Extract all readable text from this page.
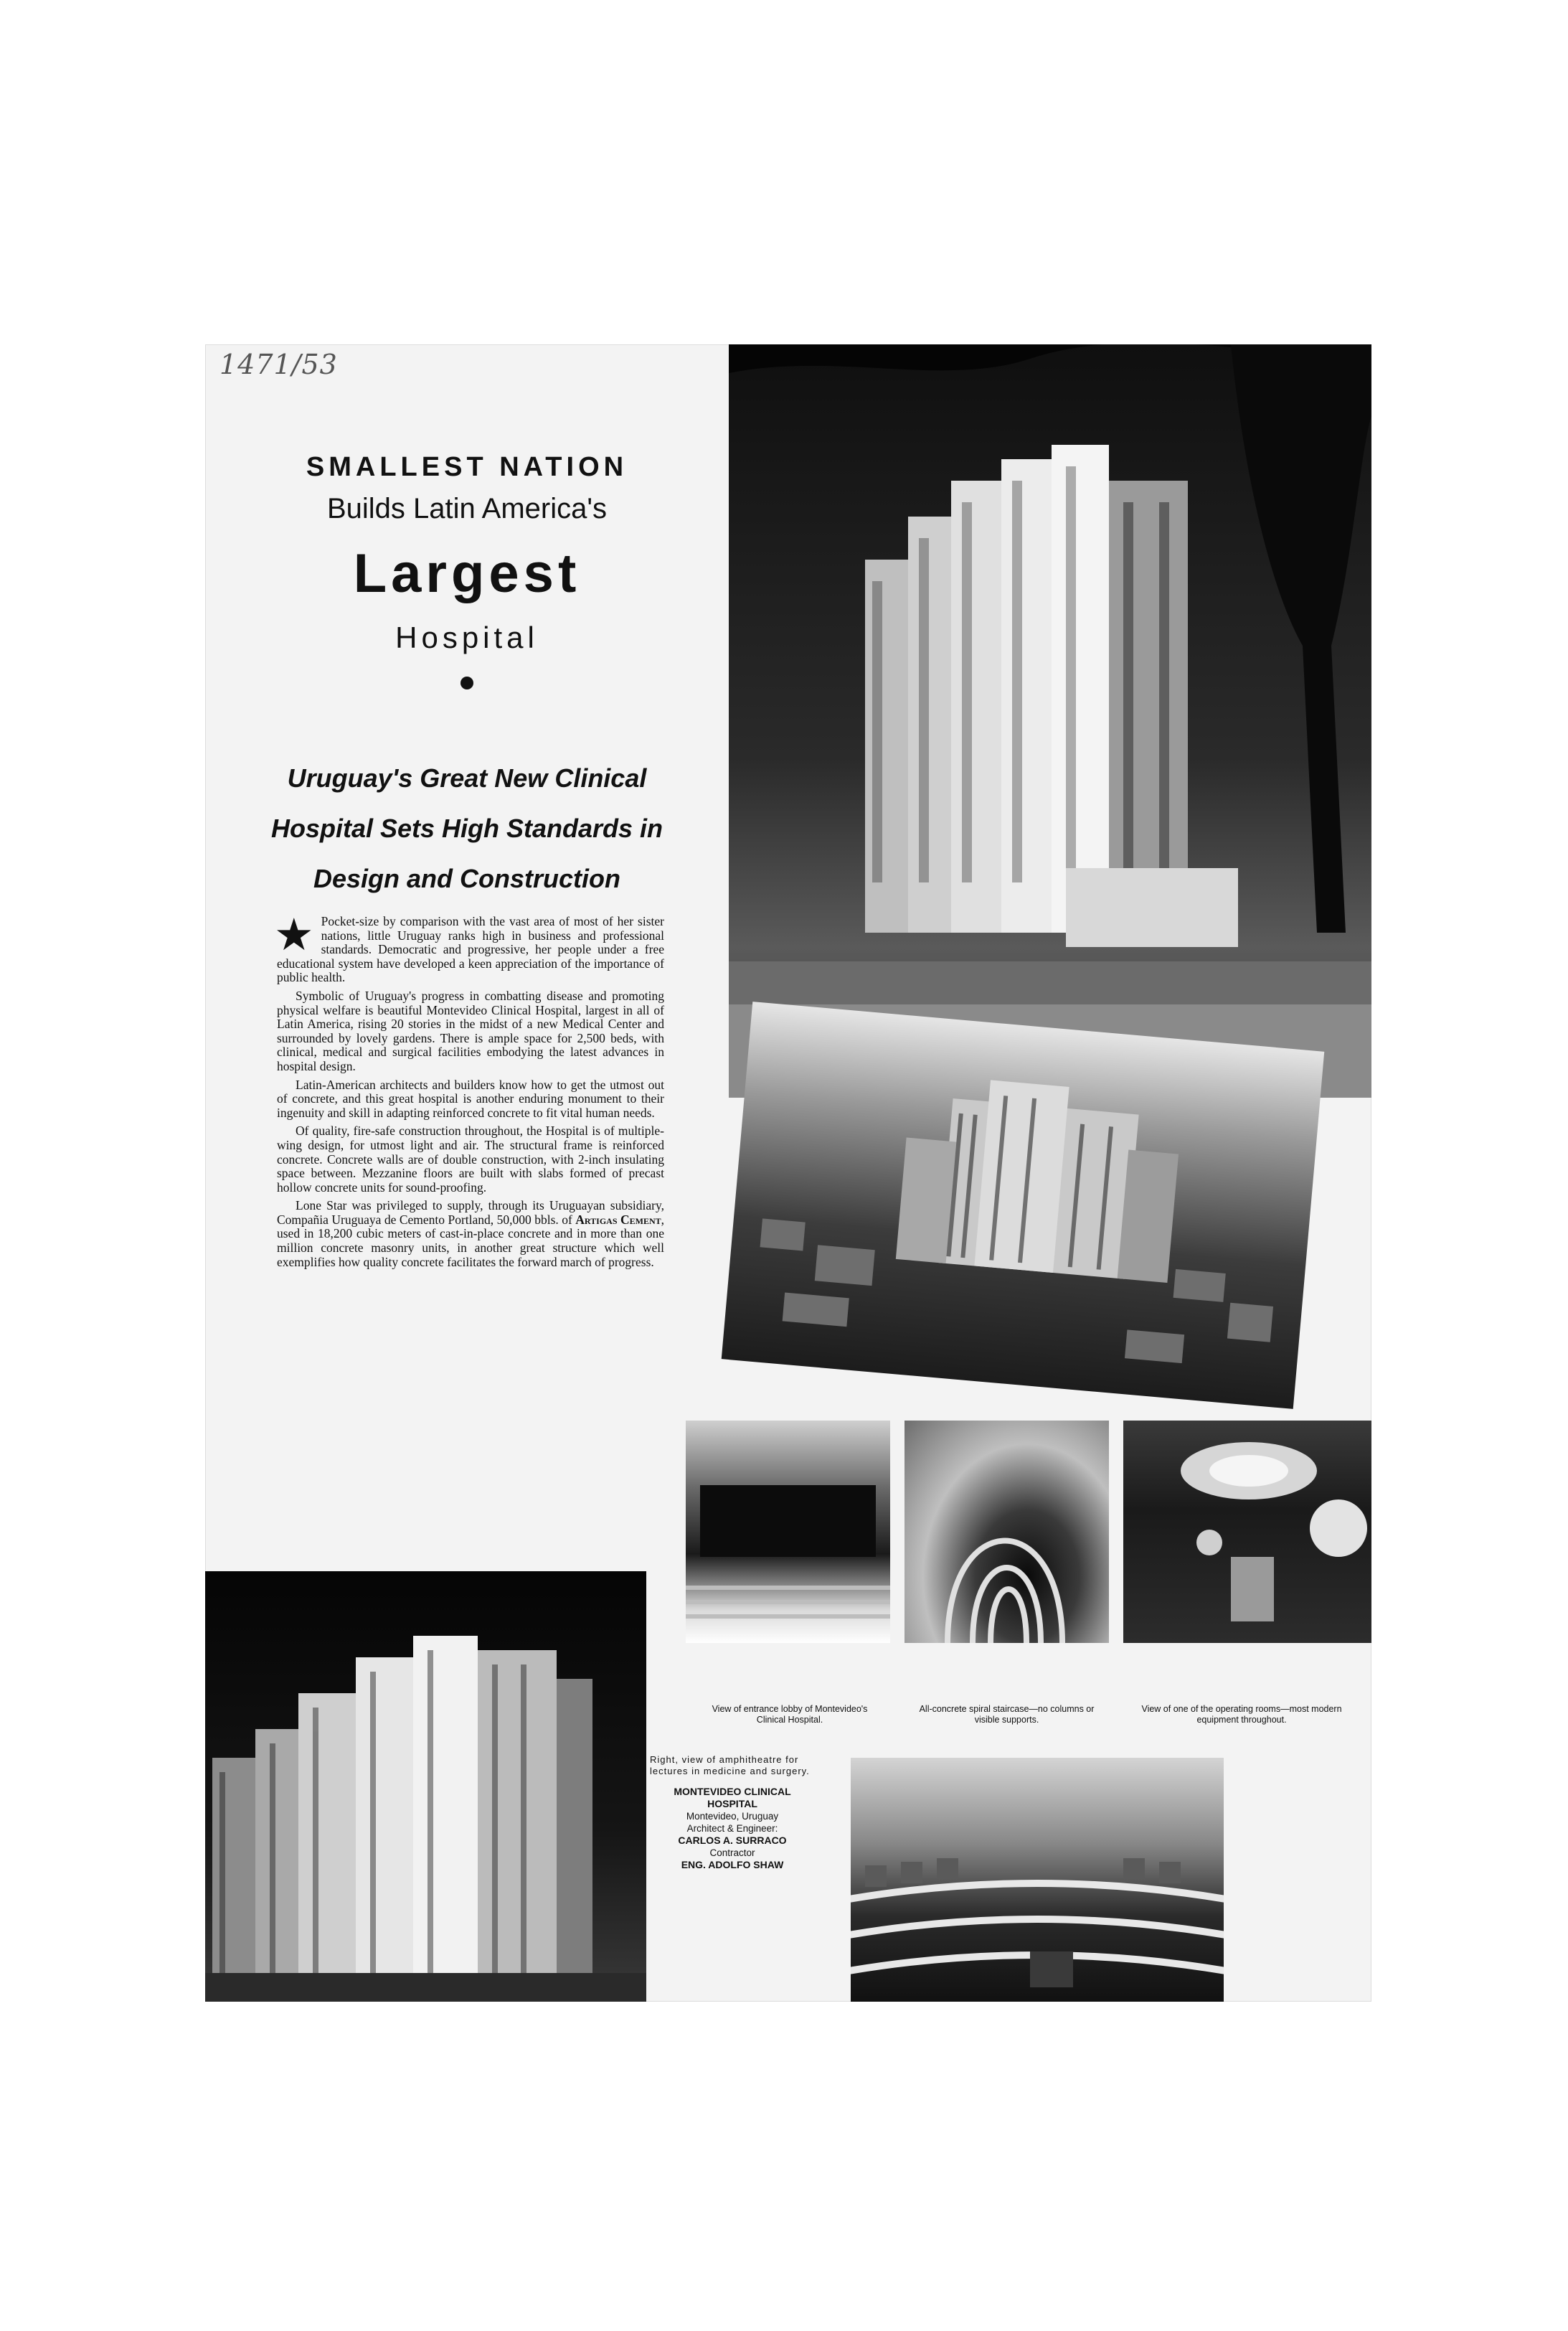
1471/53
SMALLEST NATION
Builds Latin America's
Largest
Hospital
Uruguay's Great New Clinical
Hospital Sets High Standards in
Design and Construction

★ Pocket-size by comparison with the vast area of most of her sister nations, little Uruguay ranks high in business and professional standards. Democratic and progressive, her people under a free educational system have developed a keen appreciation of the importance of public health.

Symbolic of Uruguay's progress in combatting disease and promoting physical welfare is beautiful Montevideo Clinical Hospital, largest in all of Latin America, rising 20 stories in the midst of a new Medical Center and surrounded by lovely gardens. There is ample space for 2,500 beds, with clinical, medical and surgical facilities embodying the latest advances in hospital design.

Latin-American architects and builders know how to get the utmost out of concrete, and this great hospital is another enduring monument to their ingenuity and skill in adapting reinforced concrete to fit vital human needs.

Of quality, fire-safe construction throughout, the Hospital is of multiple-wing design, for utmost light and air. The structural frame is reinforced concrete. Concrete walls are of double construction, with 2-inch insulating space between. Mezzanine floors are built with slabs formed of precast hollow concrete units for sound-proofing.

Lone Star was privileged to supply, through its Uruguayan subsidiary, Compañia Uruguaya de Cemento Portland, 50,000 bbls. of Artigas Cement, used in 18,200 cubic meters of cast-in-place concrete and in more than one million concrete masonry units, in another great structure which well exemplifies how quality concrete facilitates the forward march of progress.

View of entrance lobby of Montevideo's Clinical Hospital.
All-concrete spiral staircase—no columns or visible supports.
View of one of the operating rooms—most modern equipment throughout.
Right, view of amphitheatre for lectures in medicine and surgery.
MONTEVIDEO CLINICAL
HOSPITAL
Montevideo, Uruguay
Architect & Engineer:
CARLOS A. SURRACO
Contractor
ENG. ADOLFO SHAW
